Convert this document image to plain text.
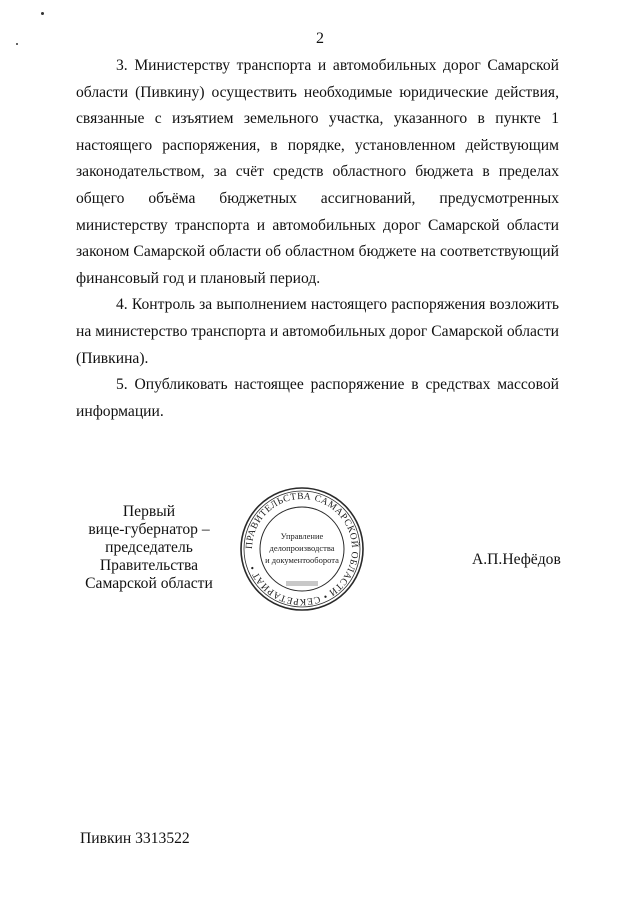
2

3. Министерству транспорта и автомобильных дорог Самарской области (Пивкину) осуществить необходимые юридические действия, связанные с изъятием земельного участка, указанного в пункте 1 настоящего распоряжения, в порядке, установленном действующим законодательством, за счёт средств областного бюджета в пределах общего объёма бюджетных ассигнований, предусмотренных министерству транспорта и автомобильных дорог Самарской области законом Самарской области об областном бюджете на соответствующий финансовый год и плановый период.

4. Контроль за выполнением настоящего распоряжения возложить на министерство транспорта и автомобильных дорог Самарской области (Пивкина).

5. Опубликовать настоящее распоряжение в средствах массовой информации.

Первый
вице-губернатор –
председатель Правительства
Самарской области
ПРАВИТЕЛЬСТВА САМАРСКОЙ ОБЛАСТИ • СЕКРЕТАРИАТ •
Управление
делопроизводства
и документооборота	А.П.Нефёдов
Пивкин 3313522
